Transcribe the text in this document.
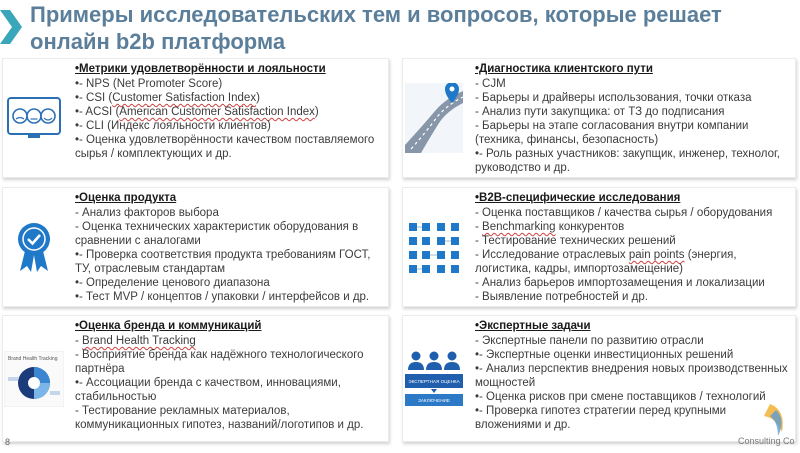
Примеры исследовательских тем и вопросов, которые решает онлайн b2b платформа
•Метрики удовлетворённости и лояльности
•- NPS (Net Promoter Score)
•- CSI (Customer Satisfaction Index)
•- ACSI (American Customer Satisfaction Index)
•- CLI (Индекс лояльности клиентов)
•- Оценка удовлетворённости качеством поставляемого сырья / комплектующих и др.
•Диагностика клиентского пути
- CJM
- Барьеры и драйверы использования, точки отказа
- Анализ пути закупщика: от ТЗ до подписания
- Барьеры на этапе согласования внутри компании (техника, финансы, безопасность)
•- Роль разных участников: закупщик, инженер, технолог, руководство и др.
•Оценка продукта
- Анализ факторов выбора
- Оценка технических характеристик оборудования в сравнении с аналогами
•- Проверка соответствия продукта требованиям ГОСТ, ТУ, отраслевым стандартам
•- Определение ценового диапазона
•- Тест MVP / концептов / упаковки / интерфейсов и др.
•B2B-специфические исследования
- Оценка поставщиков / качества сырья / оборудования
- Benchmarking конкурентов
- Тестирование технических решений
- Исследование отраслевых pain points (энергия, логистика, кадры, импортозамещение)
- Анализ барьеров импортозамещения и локализации
- Выявление потребностей и др.
Brand Health Tracking
•Оценка бренда и коммуникаций
- Brand Health Tracking
- Восприятие бренда как надёжного технологического партнёра
•- Ассоциации бренда с качеством, инновациями, стабильностью
- Тестирование рекламных материалов, коммуникационных гипотез, названий/логотипов и др.
ЭКСПЕРТНАЯ ОЦЕНКА
ЗАКЛЮЧЕНИЕ
•Экспертные задачи
- Экспертные панели по развитию отрасли
•- Экспертные оценки инвестиционных решений
•- Анализ перспектив внедрения новых производственных мощностей
•- Оценка рисков при смене поставщиков / технологий
•- Проверка гипотез стратегии перед крупными вложениями и др.
8	Consulting Co
